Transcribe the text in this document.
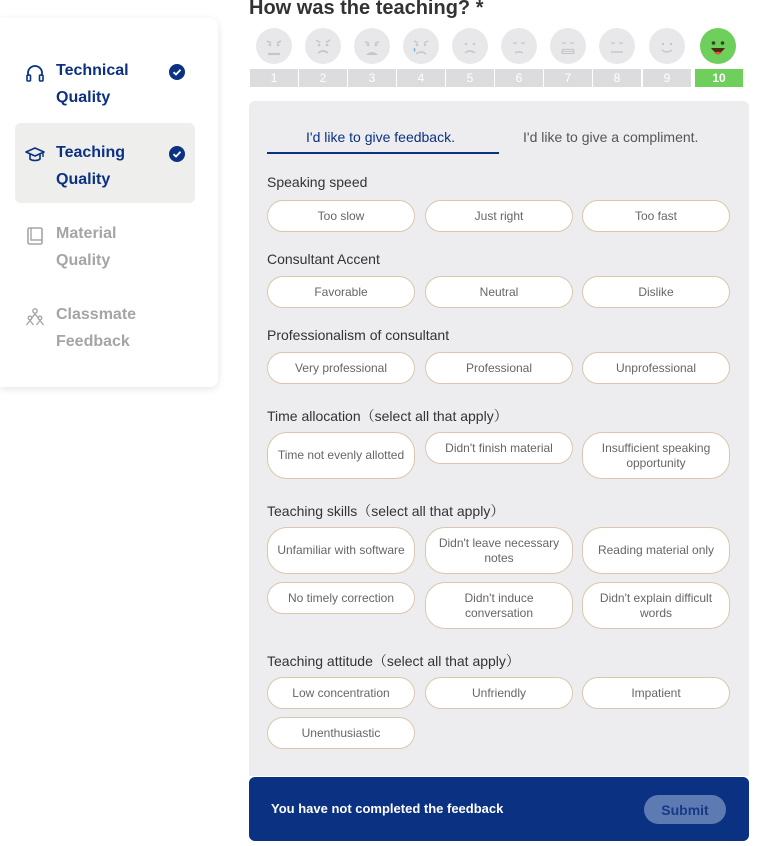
Technical Quality
Teaching Quality
Material Quality
Classmate Feedback
How was the teaching? *
1	2	3	4	5	6	7	8	9	10
I'd like to give feedback.	I'd like to give a compliment.
Speaking speed
Too slow	Just right	Too fast
Consultant Accent
Favorable	Neutral	Dislike
Professionalism of consultant
Very professional	Professional	Unprofessional
Time allocation（select all that apply）
Time not evenly allotted
Didn't finish material	Insufficient speaking opportunity
Teaching skills（select all that apply）
Unfamiliar with software
Didn't leave necessary notes
Reading material only
No timely correction	Didn't induce conversation
Didn't explain difficult words
Teaching attitude（select all that apply）
Low concentration	Unfriendly	Impatient
Unenthusiastic
You have not completed the feedback	Submit
